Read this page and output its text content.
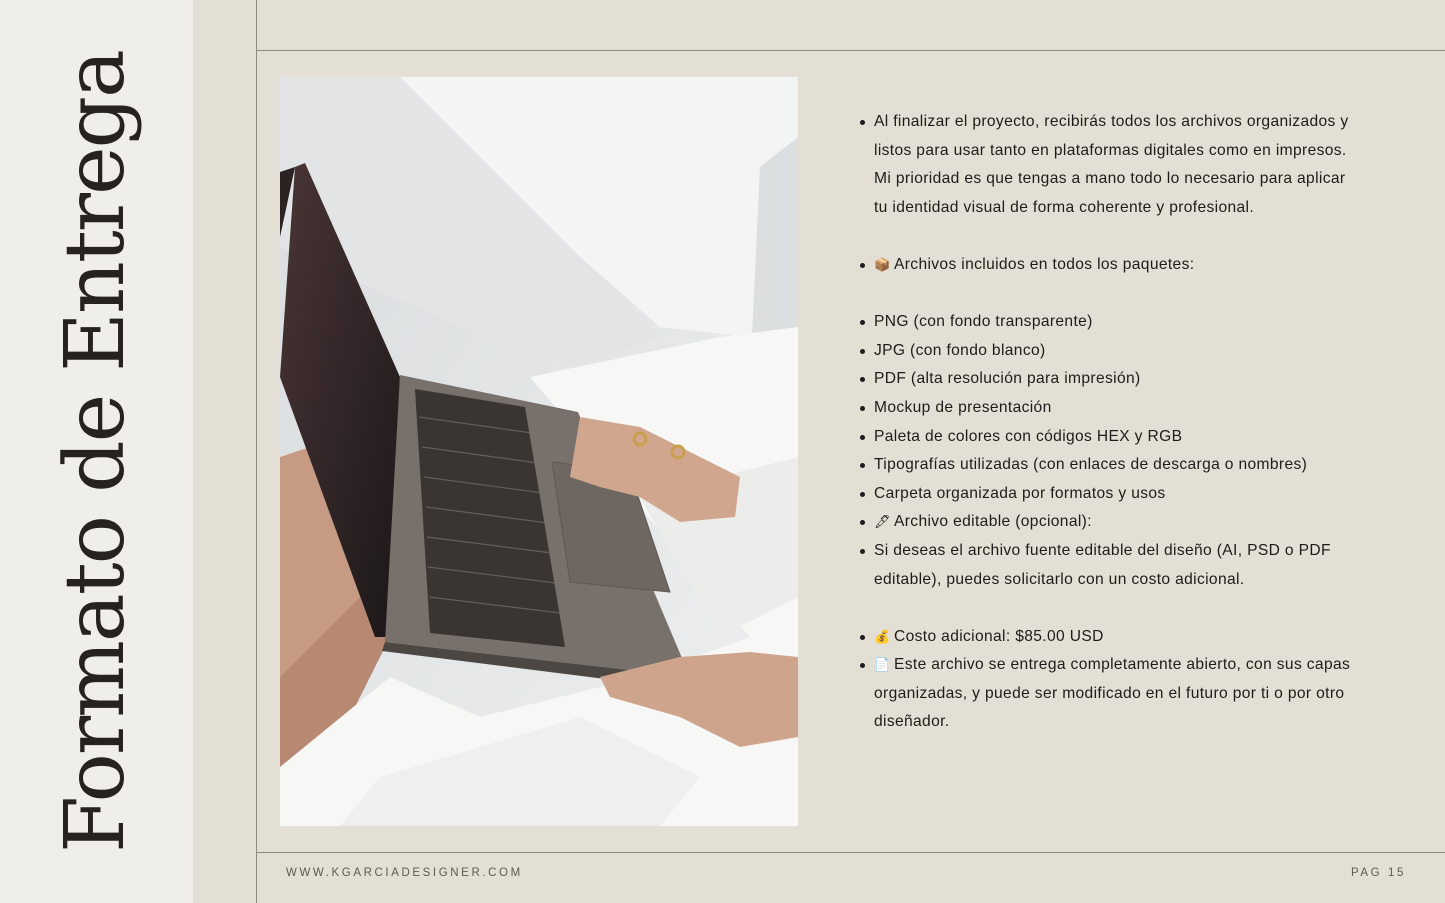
Formato de Entrega	Al finalizar el proyecto, recibirás todos los archivos organizados y listos para usar tanto en plataformas digitales como en impresos. Mi prioridad es que tengas a mano todo lo necesario para aplicar tu identidad visual de forma coherente y profesional.
📦 Archivos incluidos en todos los paquetes:
PNG (con fondo transparente)
JPG (con fondo blanco)
PDF (alta resolución para impresión)
Mockup de presentación
Paleta de colores con códigos HEX y RGB
Tipografías utilizadas (con enlaces de descarga o nombres)
Carpeta organizada por formatos y usos
🖋 Archivo editable (opcional):
Si deseas el archivo fuente editable del diseño (AI, PSD o PDF editable), puedes solicitarlo con un costo adicional.
💰 Costo adicional: $85.00 USD
📄 Este archivo se entrega completamente abierto, con sus capas organizadas, y puede ser modificado en el futuro por ti o por otro diseñador.
WWW.KGARCIADESIGNER.COM	PAG 15
